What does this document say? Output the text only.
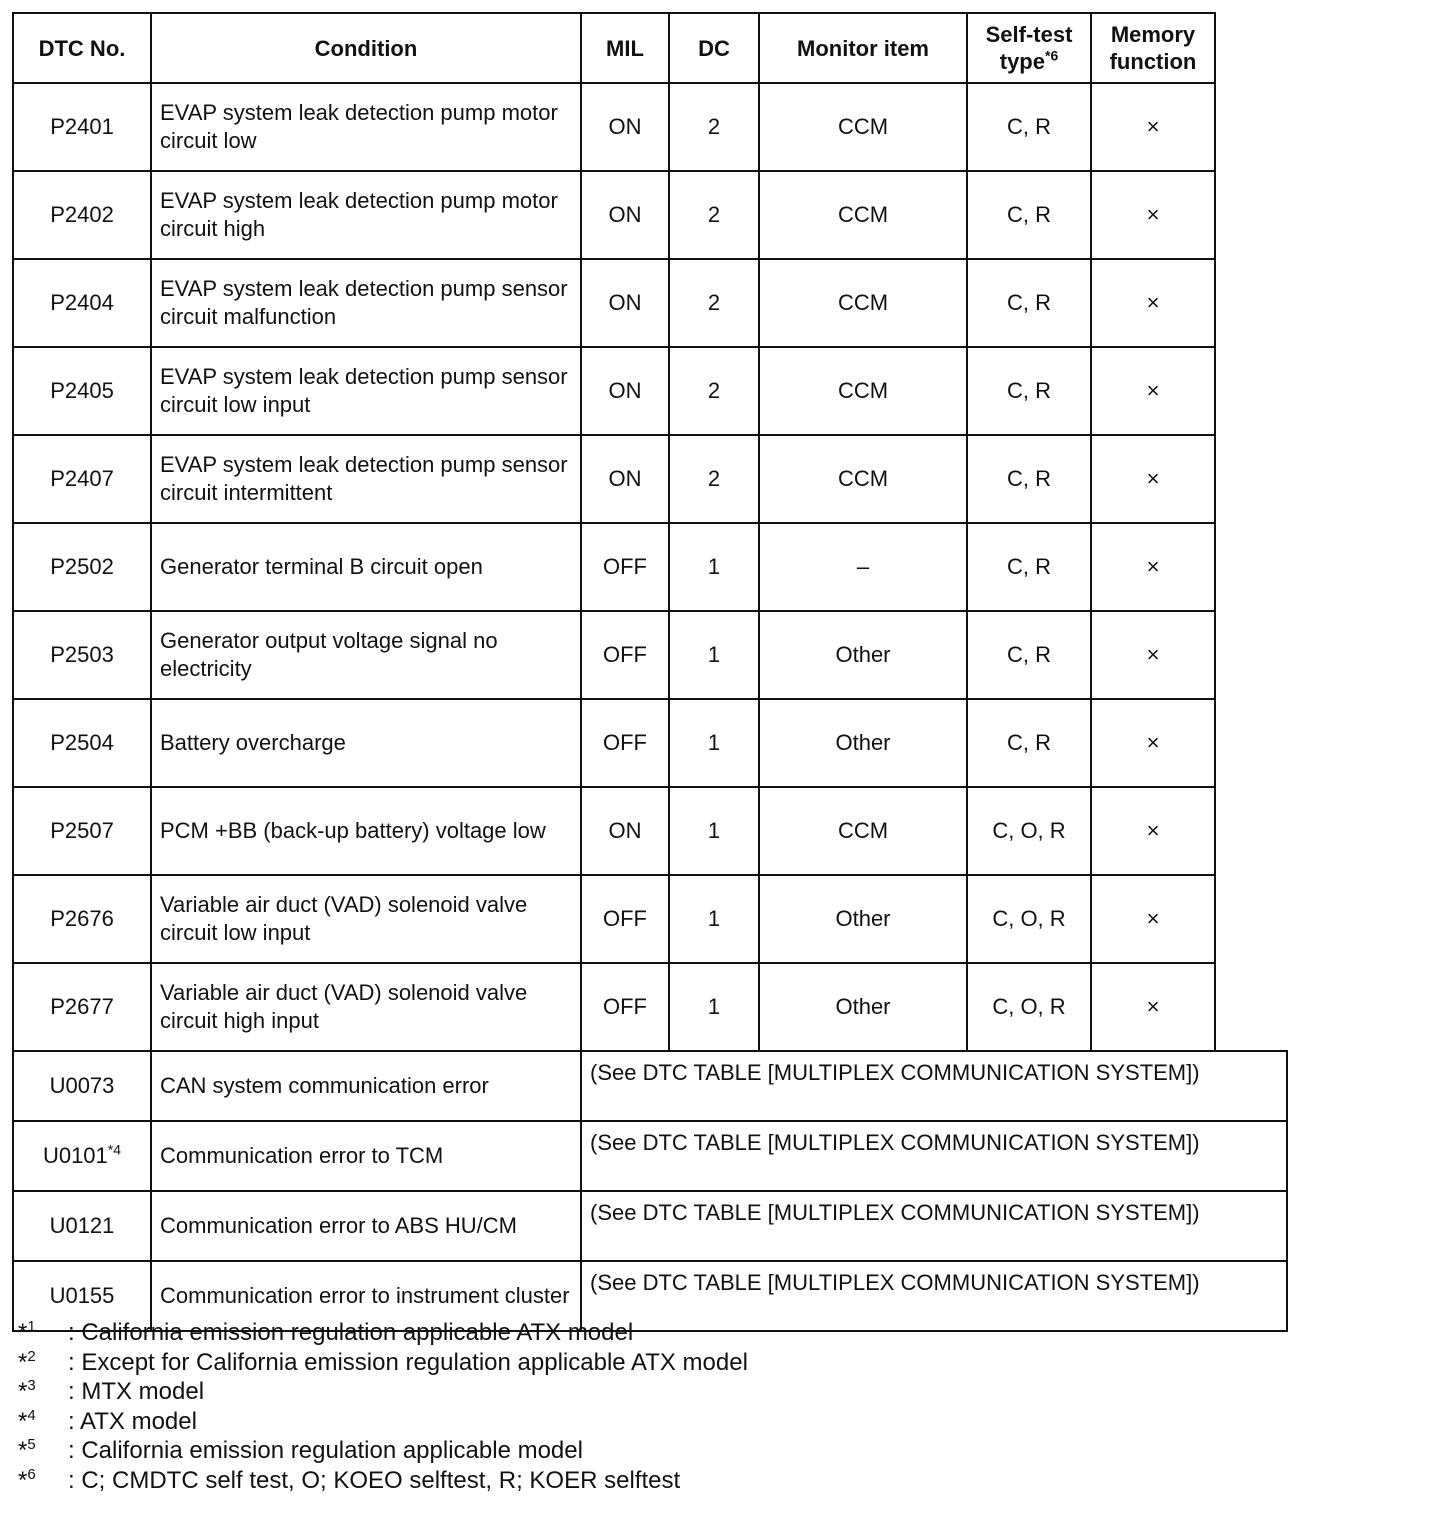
DTC No.	Condition	MIL	DC	Monitor item	Self-test type$^{*6}$	Memory
function	
P2401	EVAP system leak detection pump motor circuit low	ON	2	CCM	C, R	×	
P2402	EVAP system leak detection pump motor circuit high	ON	2	CCM	C, R	×	
P2404	EVAP system leak detection pump sensor circuit malfunction	ON	2	CCM	C, R	×	
P2405	EVAP system leak detection pump sensor circuit low input	ON	2	CCM	C, R	×	
P2407	EVAP system leak detection pump sensor circuit intermittent	ON	2	CCM	C, R	×	
P2502	Generator terminal B circuit open	OFF	1	–	C, R	×	
P2503	Generator output voltage signal no electricity	OFF	1	Other	C, R	×	
P2504	Battery overcharge	OFF	1	Other	C, R	×	
P2507	PCM +BB (back-up battery) voltage low	ON	1	CCM	C, O, R	×	
P2676	Variable air duct (VAD) solenoid valve circuit low input	OFF	1	Other	C, O, R	×	
P2677	Variable air duct (VAD) solenoid valve circuit high input	OFF	1	Other	C, O, R	×	
U0073	CAN system communication error	(See DTC TABLE [MULTIPLEX COMMUNICATION SYSTEM])					
U0101$^{*4}$	Communication error to TCM	(See DTC TABLE [MULTIPLEX COMMUNICATION SYSTEM])					
U0121	Communication error to ABS HU/CM	(See DTC TABLE [MULTIPLEX COMMUNICATION SYSTEM])					
U0155	Communication error to instrument cluster	(See DTC TABLE [MULTIPLEX COMMUNICATION SYSTEM])					
*$^1$	: California emission regulation applicable ATX model
*$^2$	: Except for California emission regulation applicable ATX model
*$^3$	: MTX model
*$^4$	: ATX model
*$^5$	: California emission regulation applicable model
*$^6$	: C; CMDTC self test, O; KOEO selftest, R; KOER selftest
